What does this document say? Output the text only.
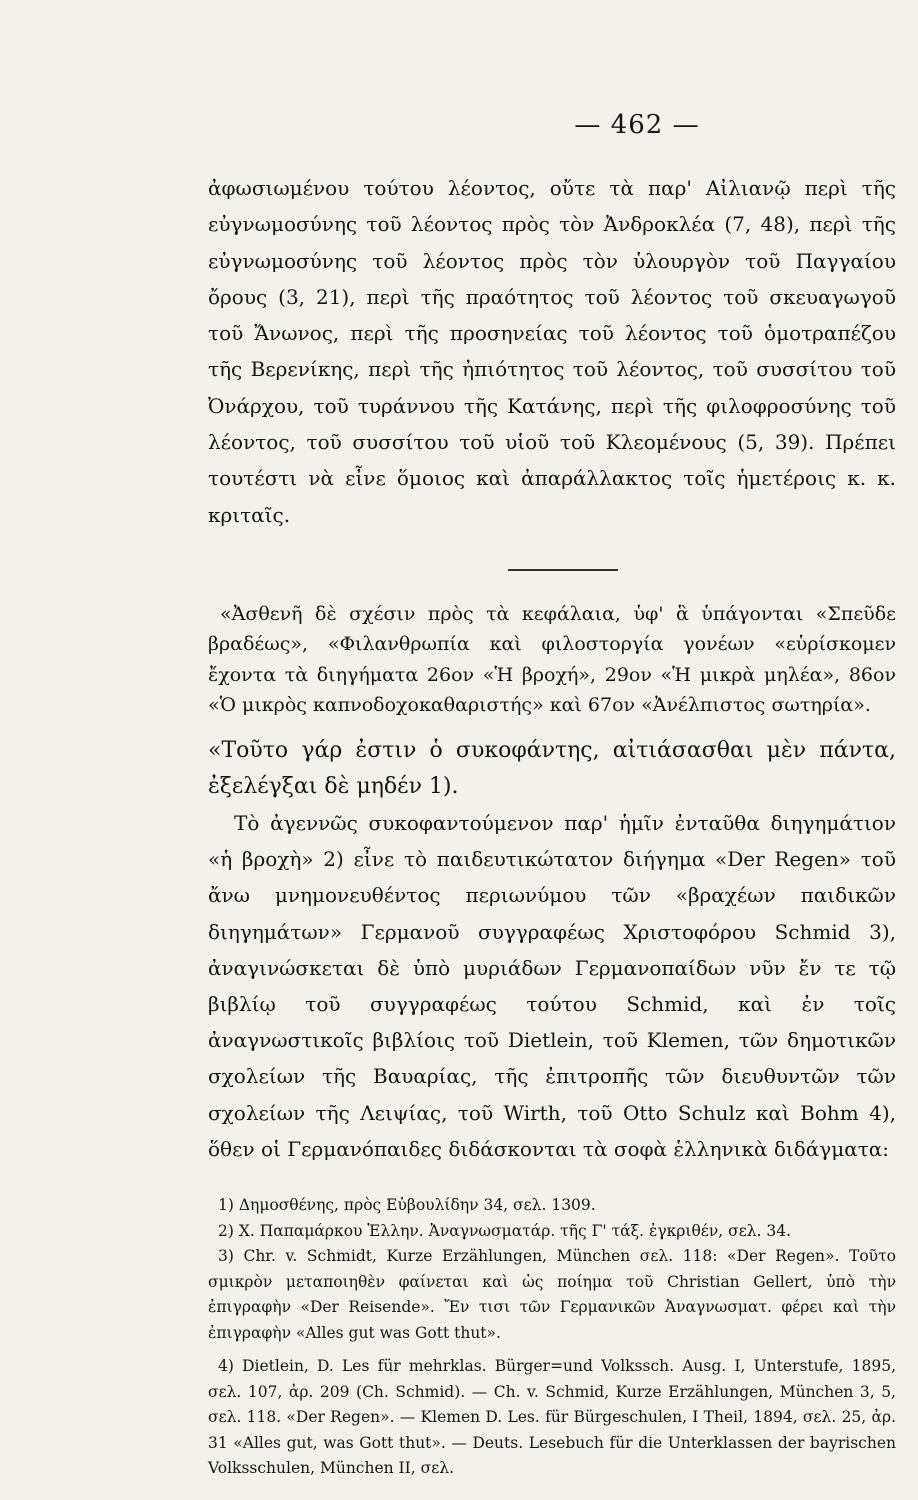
— 462 —

ἀφωσιωμένου τούτου λέοντος, οὔτε τὰ παρ' Αἰλιανῷ περὶ τῆς εὐγνωμοσύνης τοῦ λέοντος πρὸς τὸν Ἀνδροκλέα (7, 48), περὶ τῆς εὐγνωμοσύνης τοῦ λέοντος πρὸς τὸν ὑλουργὸν τοῦ Παγγαίου ὄρους (3, 21), περὶ τῆς πραότητος τοῦ λέοντος τοῦ σκευαγωγοῦ τοῦ Ἄνωνος, περὶ τῆς προσηνείας τοῦ λέοντος τοῦ ὁμοτραπέζου τῆς Βερενίκης, περὶ τῆς ἠπιότητος τοῦ λέοντος, τοῦ συσσίτου τοῦ Ὀνάρχου, τοῦ τυράννου τῆς Κατάνης, περὶ τῆς φιλοφροσύνης τοῦ λέοντος, τοῦ συσσίτου τοῦ υἱοῦ τοῦ Κλεομένους (5, 39). Πρέπει τουτέστι νὰ εἶνε ὅμοιος καὶ ἀπαράλλακτος τοῖς ἡμετέροις κ. κ. κριταῖς.

«Ἀσθενῆ δὲ σχέσιν πρὸς τὰ κεφάλαια, ὑφ' ἃ ὑπάγονται «Σπεῦδε βραδέως», «Φιλανθρωπία καὶ φιλοστοργία γονέων «εὑρίσκομεν ἔχοντα τὰ διηγήματα 26ον «Ἡ βροχή», 29ον «Ἡ μικρὰ μηλέα», 86ον «Ὁ μικρὸς καπνοδοχοκαθαριστής» καὶ 67ον «Ἀνέλπιστος σωτηρία».

«Τοῦτο γάρ ἐστιν ὁ συκοφάντης, αἰτιάσασθαι μὲν πάντα, ἐξελέγξαι δὲ μηδέν 1).

Τὸ ἀγεννῶς συκοφαντούμενον παρ' ἡμῖν ἐνταῦθα διηγημάτιον «ἡ βροχὴ» 2) εἶνε τὸ παιδευτικώτατον διήγημα «Der Regen» τοῦ ἄνω μνημονευθέντος περιωνύμου τῶν «βραχέων παιδικῶν διηγημάτων» Γερμανοῦ συγγραφέως Χριστοφόρου Schmid 3), ἀναγινώσκεται δὲ ὑπὸ μυριάδων Γερμανοπαίδων νῦν ἔν τε τῷ βιβλίῳ τοῦ συγγραφέως τούτου Schmid, καὶ ἐν τοῖς ἀναγνωστικοῖς βιβλίοις τοῦ Dietlein, τοῦ Klemen, τῶν δημοτικῶν σχολείων τῆς Βαυαρίας, τῆς ἐπιτροπῆς τῶν διευθυντῶν τῶν σχολείων τῆς Λειψίας, τοῦ Wirth, τοῦ Otto Schulz καὶ Bohm 4), ὅθεν οἱ Γερμανόπαιδες διδάσκονται τὰ σοφὰ ἑλληνικὰ διδάγματα:

1) Δημοσθένης, πρὸς Εὐβουλίδην 34, σελ. 1309.

2) Χ. Παπαμάρκου Ἑλλην. Ἀναγνωσματάρ. τῆς Γ' τάξ. ἐγκριθέν, σελ. 34.

3) Chr. v. Schmidt, Kurze Erzählungen, München σελ. 118: «Der Regen». Τοῦτο σμικρὸν μεταποιηθὲν φαίνεται καὶ ὡς ποίημα τοῦ Christian Gellert, ὑπὸ τὴν ἐπιγραφὴν «Der Reisende». Ἔν τισι τῶν Γερμανικῶν Ἀναγνωσματ. φέρει καὶ τὴν ἐπιγραφὴν «Alles gut was Gott thut».

4) Dietlein, D. Les für mehrklas. Bürger=und Volkssch. Ausg. I, Unterstufe, 1895, σελ. 107, ἀρ. 209 (Ch. Schmid). — Ch. v. Schmid, Kurze Erzählungen, München 3, 5, σελ. 118. «Der Regen». — Klemen D. Les. für Bürgeschulen, I Theil, 1894, σελ. 25, ἀρ. 31 «Alles gut, was Gott thut». — Deuts. Lesebuch für die Unterklassen der bayrischen Volksschulen, München II, σελ.
